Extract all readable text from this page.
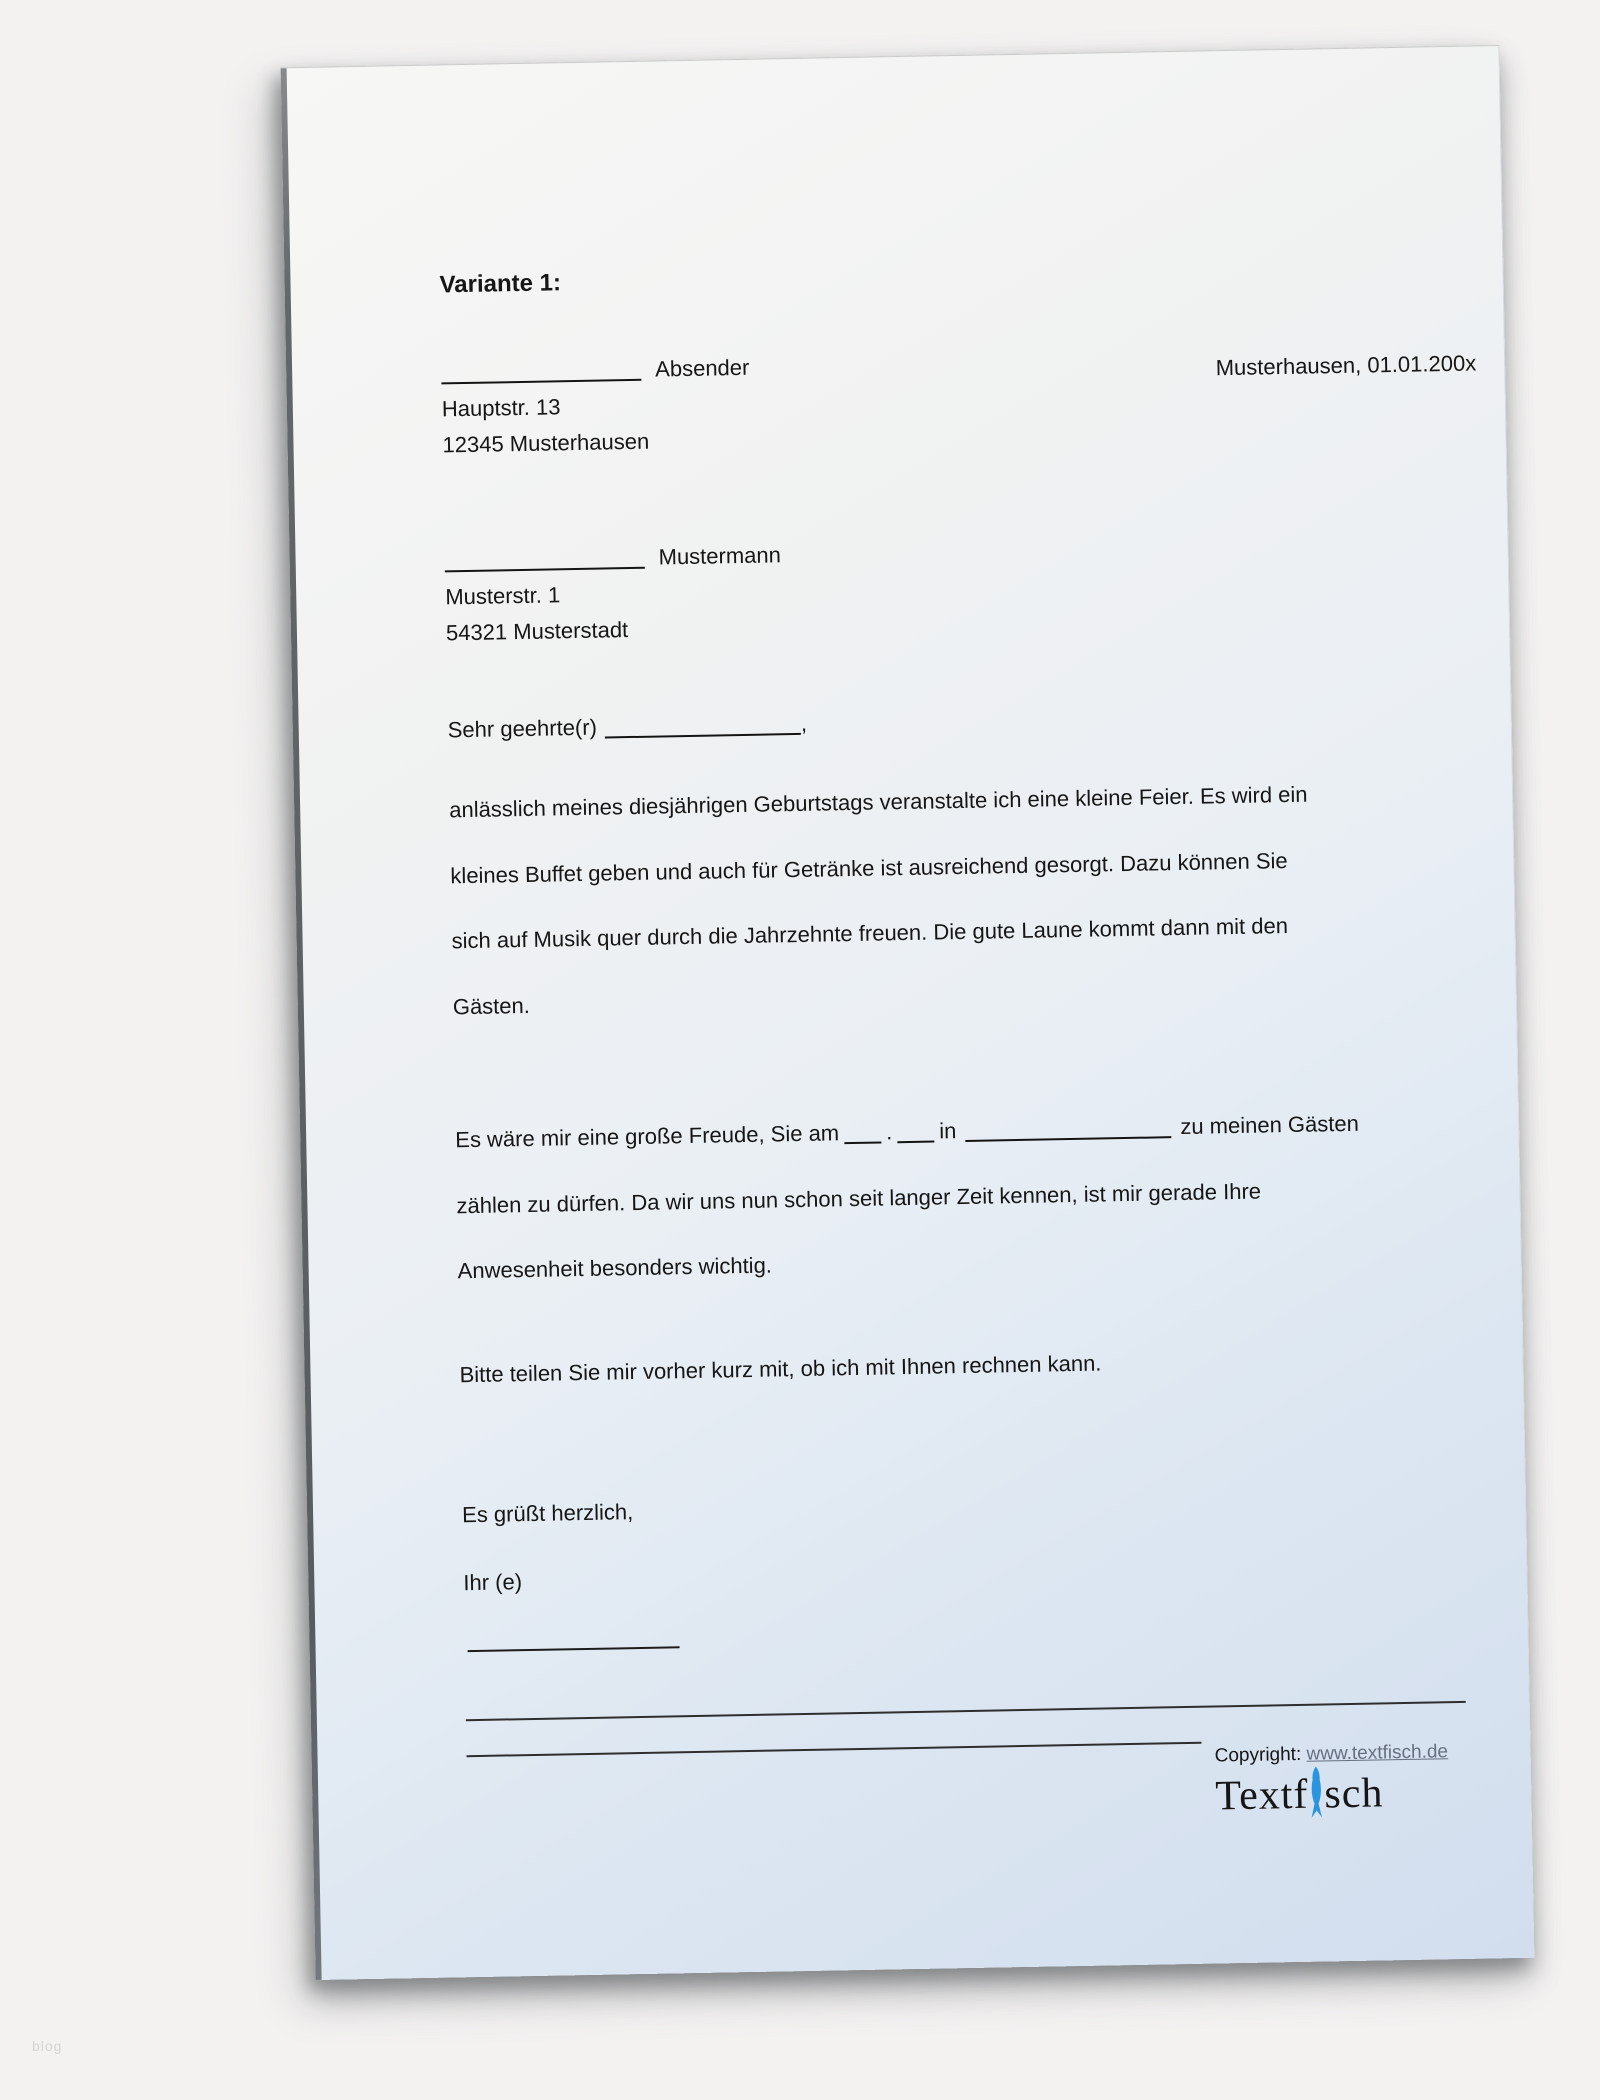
Variante 1:
Absender
Hauptstr. 13
12345 Musterhausen
Musterhausen, 01.01.200x
Mustermann
Musterstr. 1
54321 Musterstadt
Sehr geehrte(r)	,
anlässlich meines diesjährigen Geburtstags veranstalte ich eine kleine Feier. Es wird ein
kleines Buffet geben und auch für Getränke ist ausreichend gesorgt. Dazu können Sie
sich auf Musik quer durch die Jahrzehnte freuen. Die gute Laune kommt dann mit den
Gästen.
Es wäre mir eine große Freude, Sie am . in	zu meinen Gästen
zählen zu dürfen. Da wir uns nun schon seit langer Zeit kennen, ist mir gerade Ihre
Anwesenheit besonders wichtig.
Bitte teilen Sie mir vorher kurz mit, ob ich mit Ihnen rechnen kann.
Es grüßt herzlich,
Ihr (e)
Copyright: www.textfisch.de
Textf sch
blog
